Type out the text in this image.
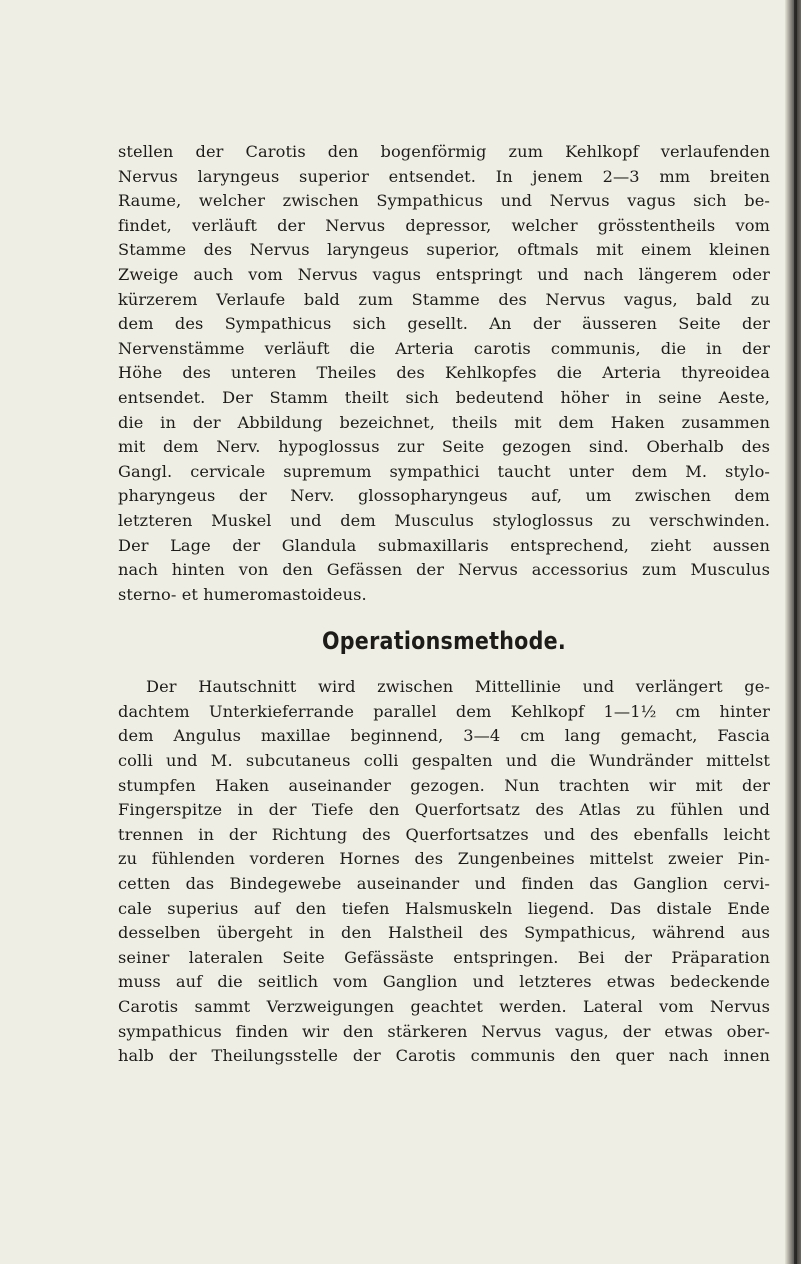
stellen der Carotis den bogenförmig zum Kehlkopf verlaufenden
Nervus laryngeus superior entsendet. In jenem 2—3 mm breiten
Raume, welcher zwischen Sympathicus und Nervus vagus sich be-
findet, verläuft der Nervus depressor, welcher grösstentheils vom
Stamme des Nervus laryngeus superior, oftmals mit einem kleinen
Zweige auch vom Nervus vagus entspringt und nach längerem oder
kürzerem Verlaufe bald zum Stamme des Nervus vagus, bald zu
dem des Sympathicus sich gesellt. An der äusseren Seite der
Nervenstämme verläuft die Arteria carotis communis, die in der
Höhe des unteren Theiles des Kehlkopfes die Arteria thyreoidea
entsendet. Der Stamm theilt sich bedeutend höher in seine Aeste,
die in der Abbildung bezeichnet, theils mit dem Haken zusammen
mit dem Nerv. hypoglossus zur Seite gezogen sind. Oberhalb des
Gangl. cervicale supremum sympathici taucht unter dem M. stylo-
pharyngeus der Nerv. glossopharyngeus auf, um zwischen dem
letzteren Muskel und dem Musculus styloglossus zu verschwinden.
Der Lage der Glandula submaxillaris entsprechend, zieht aussen
nach hinten von den Gefässen der Nervus accessorius zum Musculus
sterno- et humeromastoideus.
Operationsmethode.
Der Hautschnitt wird zwischen Mittellinie und verlängert ge-
dachtem Unterkieferrande parallel dem Kehlkopf 1—1½ cm hinter
dem Angulus maxillae beginnend, 3—4 cm lang gemacht, Fascia
colli und M. subcutaneus colli gespalten und die Wundränder mittelst
stumpfen Haken auseinander gezogen. Nun trachten wir mit der
Fingerspitze in der Tiefe den Querfortsatz des Atlas zu fühlen und
trennen in der Richtung des Querfortsatzes und des ebenfalls leicht
zu fühlenden vorderen Hornes des Zungenbeines mittelst zweier Pin-
cetten das Bindegewebe auseinander und finden das Ganglion cervi-
cale superius auf den tiefen Halsmuskeln liegend. Das distale Ende
desselben übergeht in den Halstheil des Sympathicus, während aus
seiner lateralen Seite Gefässäste entspringen. Bei der Präparation
muss auf die seitlich vom Ganglion und letzteres etwas bedeckende
Carotis sammt Verzweigungen geachtet werden. Lateral vom Nervus
sympathicus finden wir den stärkeren Nervus vagus, der etwas ober-
halb der Theilungsstelle der Carotis communis den quer nach innen
